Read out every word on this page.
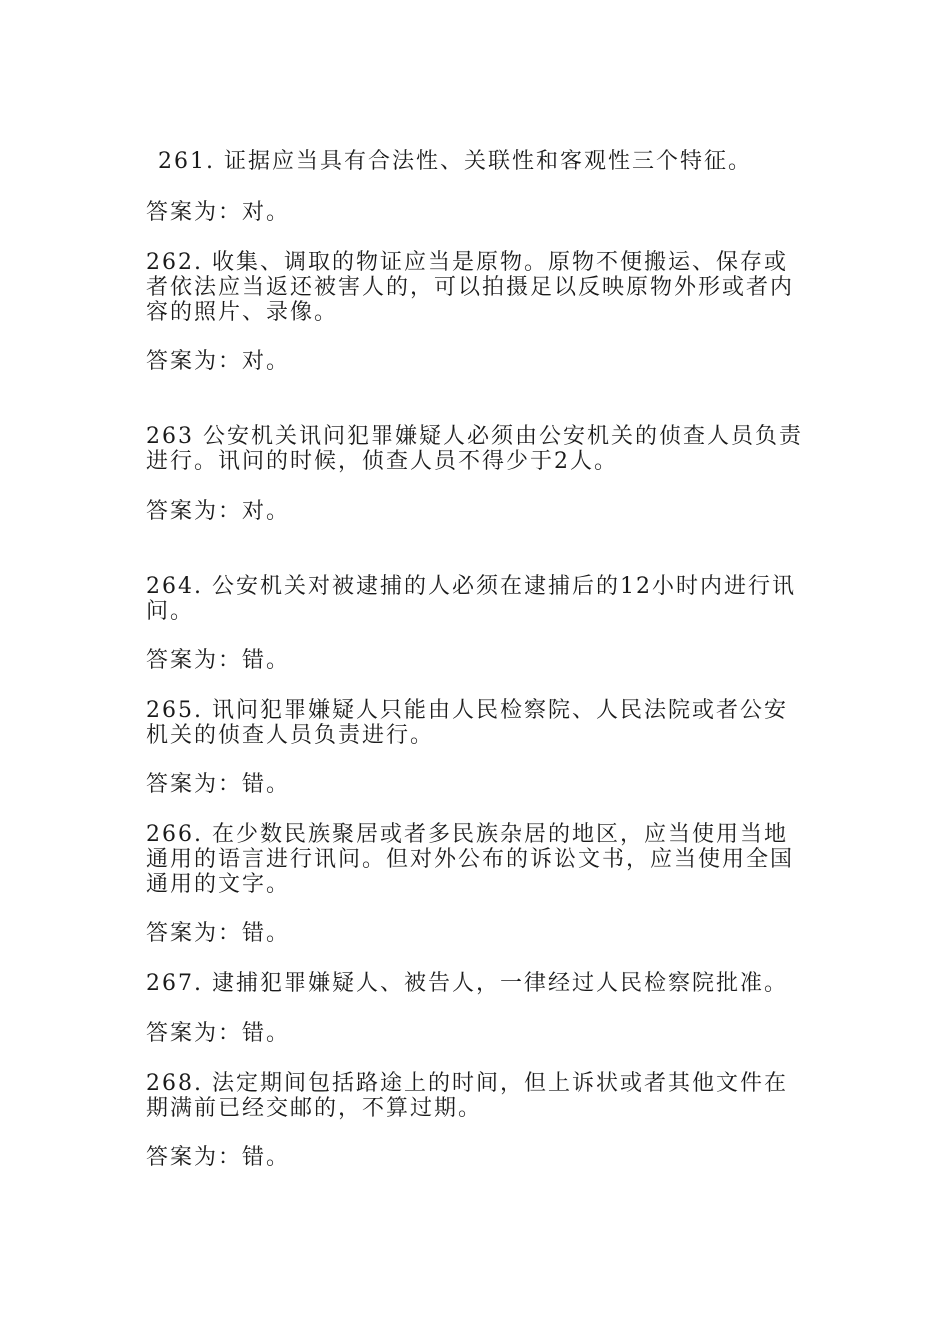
261. 证据应当具有合法性、关联性和客观性三个特征。
答案为：对。
262. 收集、调取的物证应当是原物。原物不便搬运、保存或者依法应当返还被害人的，可以拍摄足以反映原物外形或者内容的照片、录像。
答案为：对。
263 公安机关讯问犯罪嫌疑人必须由公安机关的侦查人员负责进行。讯问的时候，侦查人员不得少于2人。
答案为：对。
264. 公安机关对被逮捕的人必须在逮捕后的12小时内进行讯问。
答案为：错。
265. 讯问犯罪嫌疑人只能由人民检察院、人民法院或者公安机关的侦查人员负责进行。
答案为：错。
266. 在少数民族聚居或者多民族杂居的地区，应当使用当地通用的语言进行讯问。但对外公布的诉讼文书，应当使用全国通用的文字。
答案为：错。
267. 逮捕犯罪嫌疑人、被告人，一律经过人民检察院批准。
答案为：错。
268. 法定期间包括路途上的时间，但上诉状或者其他文件在期满前已经交邮的，不算过期。
答案为：错。
